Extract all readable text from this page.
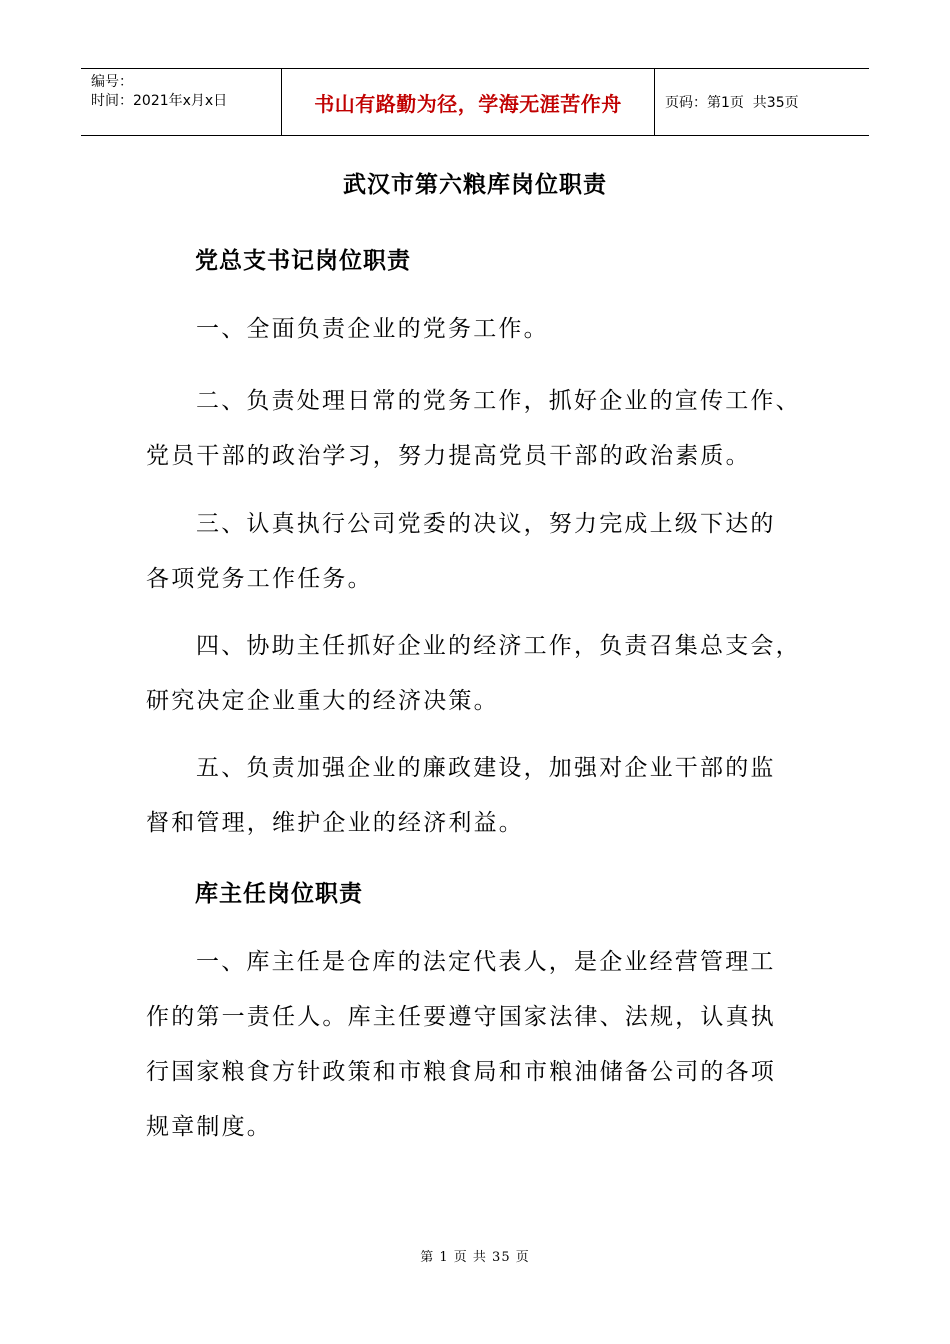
编号：
时间：2021年x月x日	书山有路勤为径，学海无涯苦作舟	页码：第1页  共35页
武汉市第六粮库岗位职责
党总支书记岗位职责
一、全面负责企业的党务工作。
二、负责处理日常的党务工作，抓好企业的宣传工作、
党员干部的政治学习，努力提高党员干部的政治素质。
三、认真执行公司党委的决议，努力完成上级下达的
各项党务工作任务。
四、协助主任抓好企业的经济工作，负责召集总支会，
研究决定企业重大的经济决策。
五、负责加强企业的廉政建设，加强对企业干部的监
督和管理，维护企业的经济利益。
库主任岗位职责
一、库主任是仓库的法定代表人，是企业经营管理工
作的第一责任人。库主任要遵守国家法律、法规，认真执
行国家粮食方针政策和市粮食局和市粮油储备公司的各项
规章制度。
第 1 页 共 35 页
